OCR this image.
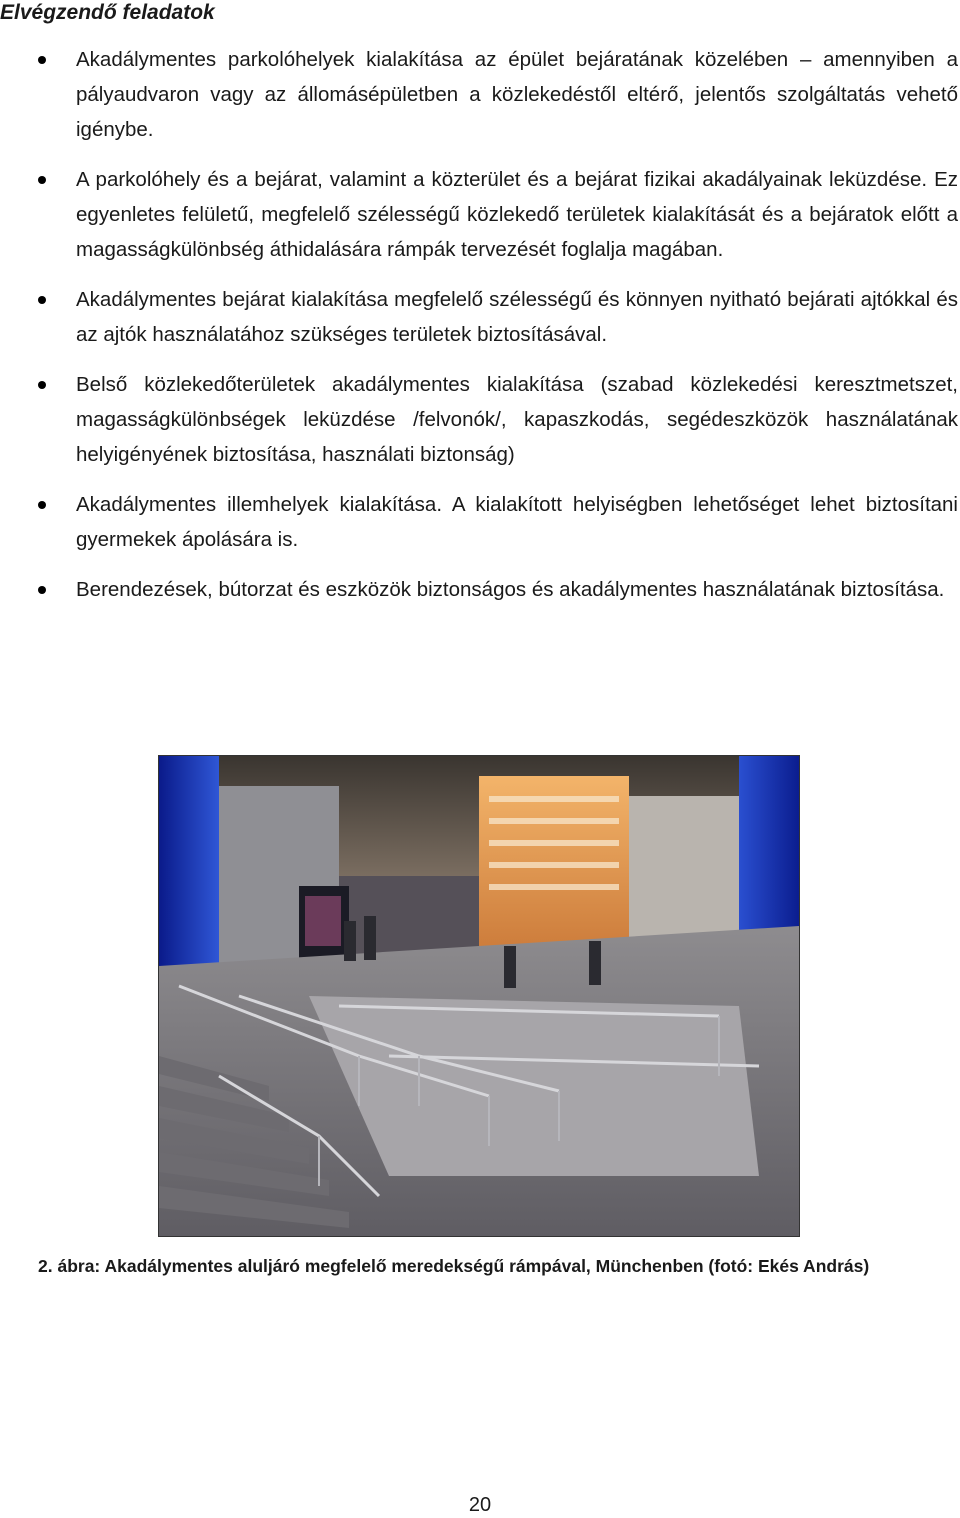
Elvégzendő feladatok
Akadálymentes parkolóhelyek kialakítása az épület bejáratának közelében – amennyiben a pályaudvaron vagy az állomásépületben a közlekedéstől eltérő, jelentős szolgáltatás vehető igénybe.
A parkolóhely és a bejárat, valamint a közterület és a bejárat fizikai akadályainak leküzdése. Ez egyenletes felületű, megfelelő szélességű közlekedő területek kialakítását és a bejáratok előtt a magasságkülönbség áthidalására rámpák tervezését foglalja magában.
Akadálymentes bejárat kialakítása megfelelő szélességű és könnyen nyitható bejárati ajtókkal és az ajtók használatához szükséges területek biztosításával.
Belső közlekedőterületek akadálymentes kialakítása (szabad közlekedési keresztmetszet, magasságkülönbségek leküzdése /felvonók/, kapaszkodás, segédeszközök használatának helyigényének biztosítása, használati biztonság)
Akadálymentes illemhelyek kialakítása. A kialakított helyiségben lehetőséget lehet biztosítani gyermekek ápolására is.
Berendezések, bútorzat és eszközök biztonságos és akadálymentes használatának biztosítása.
2. ábra: Akadálymentes aluljáró megfelelő meredekségű rámpával, Münchenben (fotó: Ekés András)
20
